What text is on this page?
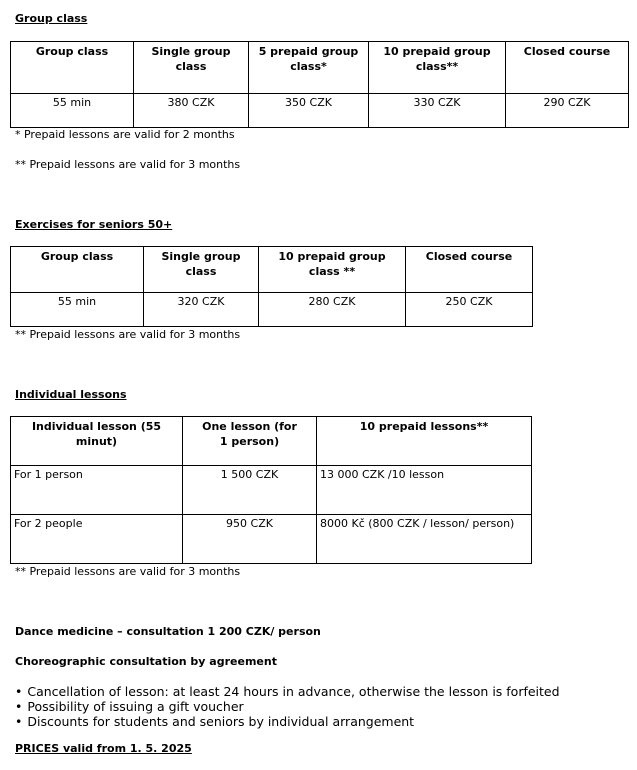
Group class

Group class	Single group class	5 prepaid group class*	10 prepaid group class**	Closed course
55 min	380 CZK	350 CZK	330 CZK	290 CZK

* Prepaid lessons are valid for 2 months

** Prepaid lessons are valid for 3 months

Exercises for seniors 50+

Group class	Single group class	10 prepaid group class **	Closed course
55 min	320 CZK	280 CZK	250 CZK

** Prepaid lessons are valid for 3 months

Individual lessons

Individual lesson (55 minut)	One lesson (for 1 person)	10 prepaid lessons**
For 1 person	1 500 CZK	13 000 CZK /10 lesson
For 2 people	950 CZK	8000 Kč (800 CZK / lesson/ person)

** Prepaid lessons are valid for 3 months

Dance medicine – consultation 1 200 CZK/ person

Choreographic consultation by agreement

• Cancellation of lesson: at least 24 hours in advance, otherwise the lesson is forfeited
• Possibility of issuing a gift voucher
• Discounts for students and seniors by individual arrangement

PRICES valid from 1. 5. 2025
